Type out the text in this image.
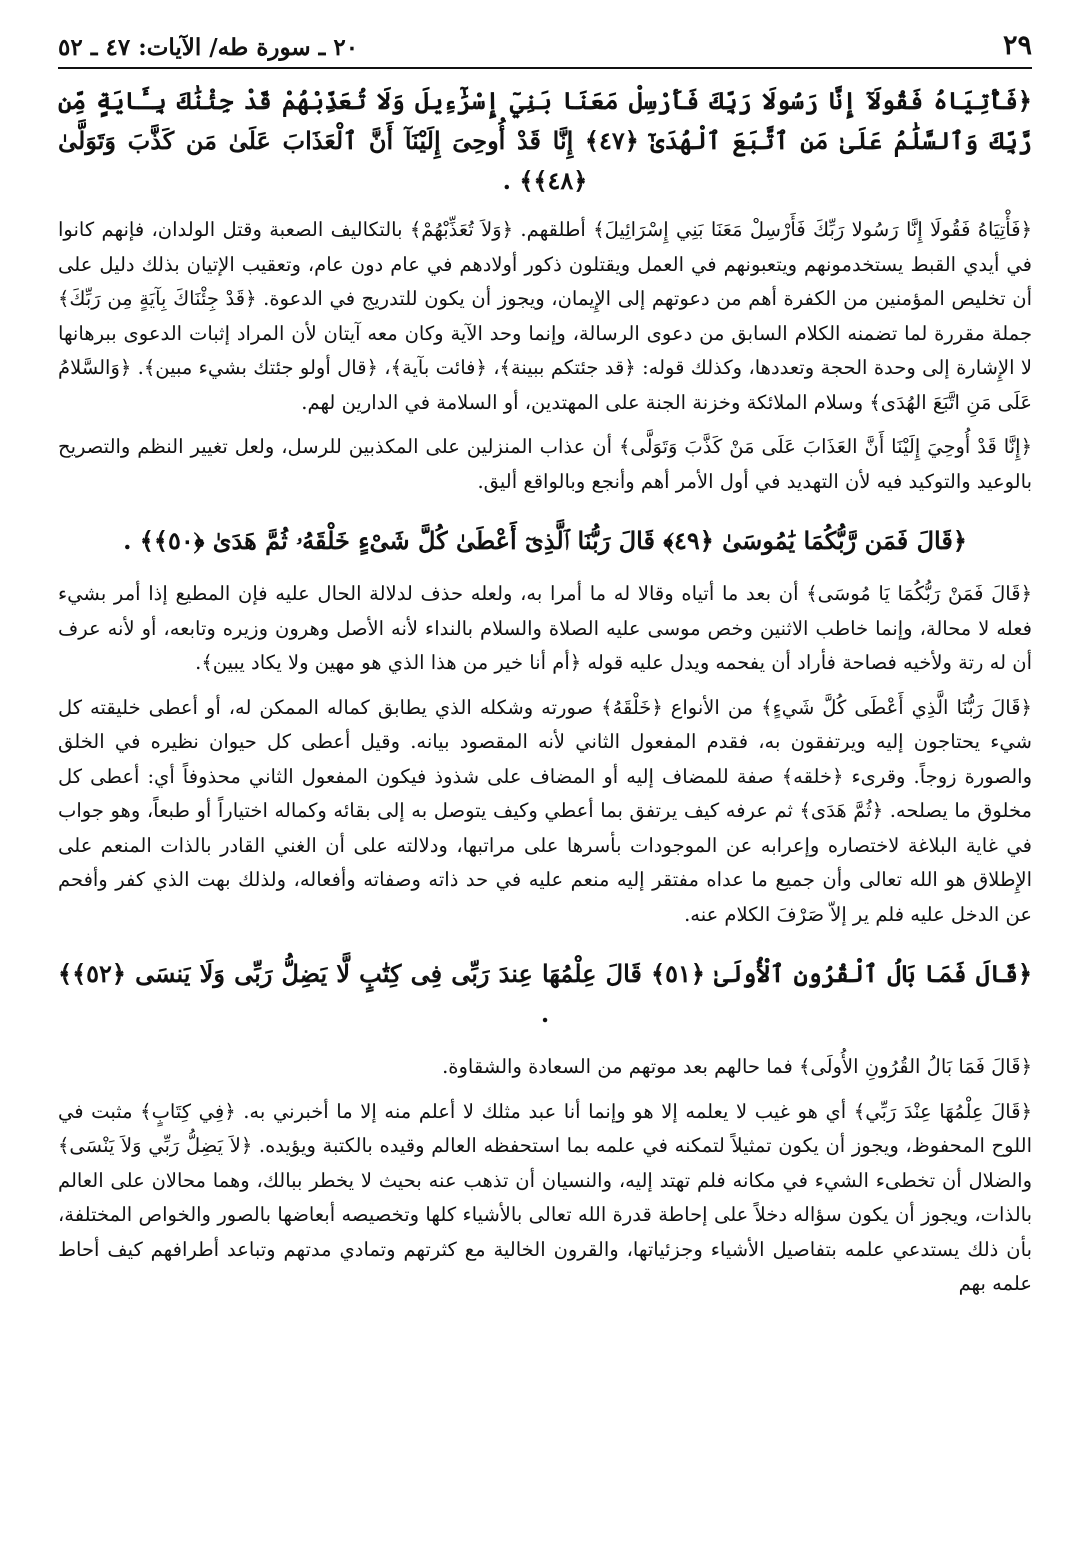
٢٩
٢٠ ـ سورة طه/ الآيات: ٤٧ ـ ٥٢
﴿فَأْتِيَاهُ فَقُولَآ إِنَّا رَسُولَا رَبِّكَ فَأَرْسِلْ مَعَنَا بَنِيٓ إِسْرَٰٓءِيلَ وَلَا تُعَذِّبْهُمْ قَدْ جِئْنَٰكَ بِـَٔايَةٍ مِّن رَّبِّكَ وَٱلسَّلَٰمُ عَلَىٰ مَنِ ٱتَّبَعَ ٱلْهُدَىٰٓ ﴿٤٧﴾ إِنَّا قَدْ أُوحِىَ إِلَيْنَآ أَنَّ ٱلْعَذَابَ عَلَىٰ مَن كَذَّبَ وَتَوَلَّىٰ ﴿٤٨﴾﴾ .

﴿فَأْتِيَاهُ فَقُولَا إِنَّا رَسُولا رَبِّكَ فَأَرْسِلْ مَعَنَا بَنِي إِسْرَائِيلَ﴾ أطلقهم. ﴿وَلاَ تُعَذِّبْهُمْ﴾ بالتكاليف الصعبة وقتل الولدان، فإنهم كانوا في أيدي القبط يستخدمونهم ويتعبونهم في العمل ويقتلون ذكور أولادهم في عام دون عام، وتعقيب الإتيان بذلك دليل على أن تخليص المؤمنين من الكفرة أهم من دعوتهم إلى الإِيمان، ويجوز أن يكون للتدريج في الدعوة. ﴿قَدْ جِئْنَاكَ بِآيَةٍ مِن رَبِّكَ﴾ جملة مقررة لما تضمنه الكلام السابق من دعوى الرسالة، وإنما وحد الآية وكان معه آيتان لأن المراد إثبات الدعوى ببرهانها لا الإِشارة إلى وحدة الحجة وتعددها، وكذلك قوله: ﴿قد جئتكم ببينة﴾، ﴿فائت بآية﴾، ﴿قال أولو جئتك بشيء مبين﴾. ﴿وَالسَّلامُ عَلَى مَنِ اتَّبَعَ الهُدَى﴾ وسلام الملائكة وخزنة الجنة على المهتدين، أو السلامة في الدارين لهم.

﴿إِنَّا قَدْ أُوحِيَ إِلَيْنَا أَنَّ العَذَابَ عَلَى مَنْ كَذَّبَ وَتَوَلَّى﴾ أن عذاب المنزلين على المكذبين للرسل، ولعل تغيير النظم والتصريح بالوعيد والتوكيد فيه لأن التهديد في أول الأمر أهم وأنجع وبالواقع أليق.

﴿قَالَ فَمَن رَّبُّكُمَا يَٰمُوسَىٰ ﴿٤٩﴾ قَالَ رَبُّنَا ٱلَّذِىٓ أَعْطَىٰ كُلَّ شَىْءٍ خَلْقَهُۥ ثُمَّ هَدَىٰ ﴿٥٠﴾﴾ .

﴿قَالَ فَمَنْ رَبُّكُمَا يَا مُوسَى﴾ أن بعد ما أتياه وقالا له ما أمرا به، ولعله حذف لدلالة الحال عليه فإن المطيع إذا أمر بشيء فعله لا محالة، وإنما خاطب الاثنين وخص موسى عليه الصلاة والسلام بالنداء لأنه الأصل وهرون وزيره وتابعه، أو لأنه عرف أن له رتة ولأخيه فصاحة فأراد أن يفحمه ويدل عليه قوله ﴿أم أنا خير من هذا الذي هو مهين ولا يكاد يبين﴾.

﴿قَالَ رَبُّنَا الَّذِي أَعْطَى كُلَّ شَيءٍ﴾ من الأنواع ﴿خَلْقَهُ﴾ صورته وشكله الذي يطابق كماله الممكن له، أو أعطى خليقته كل شيء يحتاجون إليه ويرتفقون به، فقدم المفعول الثاني لأنه المقصود بيانه. وقيل أعطى كل حيوان نظيره في الخلق والصورة زوجاً. وقرىء ﴿خلقه﴾ صفة للمضاف إليه أو المضاف على شذوذ فيكون المفعول الثاني محذوفاً أي: أعطى كل مخلوق ما يصلحه. ﴿ثُمَّ هَدَى﴾ ثم عرفه كيف يرتفق بما أعطي وكيف يتوصل به إلى بقائه وكماله اختياراً أو طبعاً، وهو جواب في غاية البلاغة لاختصاره وإعرابه عن الموجودات بأسرها على مراتبها، ودلالته على أن الغني القادر بالذات المنعم على الإِطلاق هو الله تعالى وأن جميع ما عداه مفتقر إليه منعم عليه في حد ذاته وصفاته وأفعاله، ولذلك بهت الذي كفر وأفحم عن الدخل عليه فلم ير إلاّ صَرْفَ الكلام عنه.

﴿قَالَ فَمَا بَالُ ٱلْقُرُونِ ٱلْأُولَىٰ ﴿٥١﴾ قَالَ عِلْمُهَا عِندَ رَبِّى فِى كِتَٰبٍ لَّا يَضِلُّ رَبِّى وَلَا يَنسَى ﴿٥٢﴾﴾ .

﴿قَالَ فَمَا بَالُ القُرُونِ الأُولَى﴾ فما حالهم بعد موتهم من السعادة والشقاوة.

﴿قَالَ عِلْمُهَا عِنْدَ رَبِّي﴾ أي هو غيب لا يعلمه إلا هو وإنما أنا عبد مثلك لا أعلم منه إلا ما أخبرني به. ﴿فِي كِتَابٍ﴾ مثبت في اللوح المحفوظ، ويجوز أن يكون تمثيلاً لتمكنه في علمه بما استحفظه العالم وقيده بالكتبة ويؤيده. ﴿لاَ يَضِلُّ رَبِّي وَلاَ يَنْسَى﴾ والضلال أن تخطىء الشيء في مكانه فلم تهتد إليه، والنسيان أن تذهب عنه بحيث لا يخطر ببالك، وهما محالان على العالم بالذات، ويجوز أن يكون سؤاله دخلاً على إحاطة قدرة الله تعالى بالأشياء كلها وتخصيصه أبعاضها بالصور والخواص المختلفة، بأن ذلك يستدعي علمه بتفاصيل الأشياء وجزئياتها، والقرون الخالية مع كثرتهم وتمادي مدتهم وتباعد أطرافهم كيف أحاط علمه بهم
